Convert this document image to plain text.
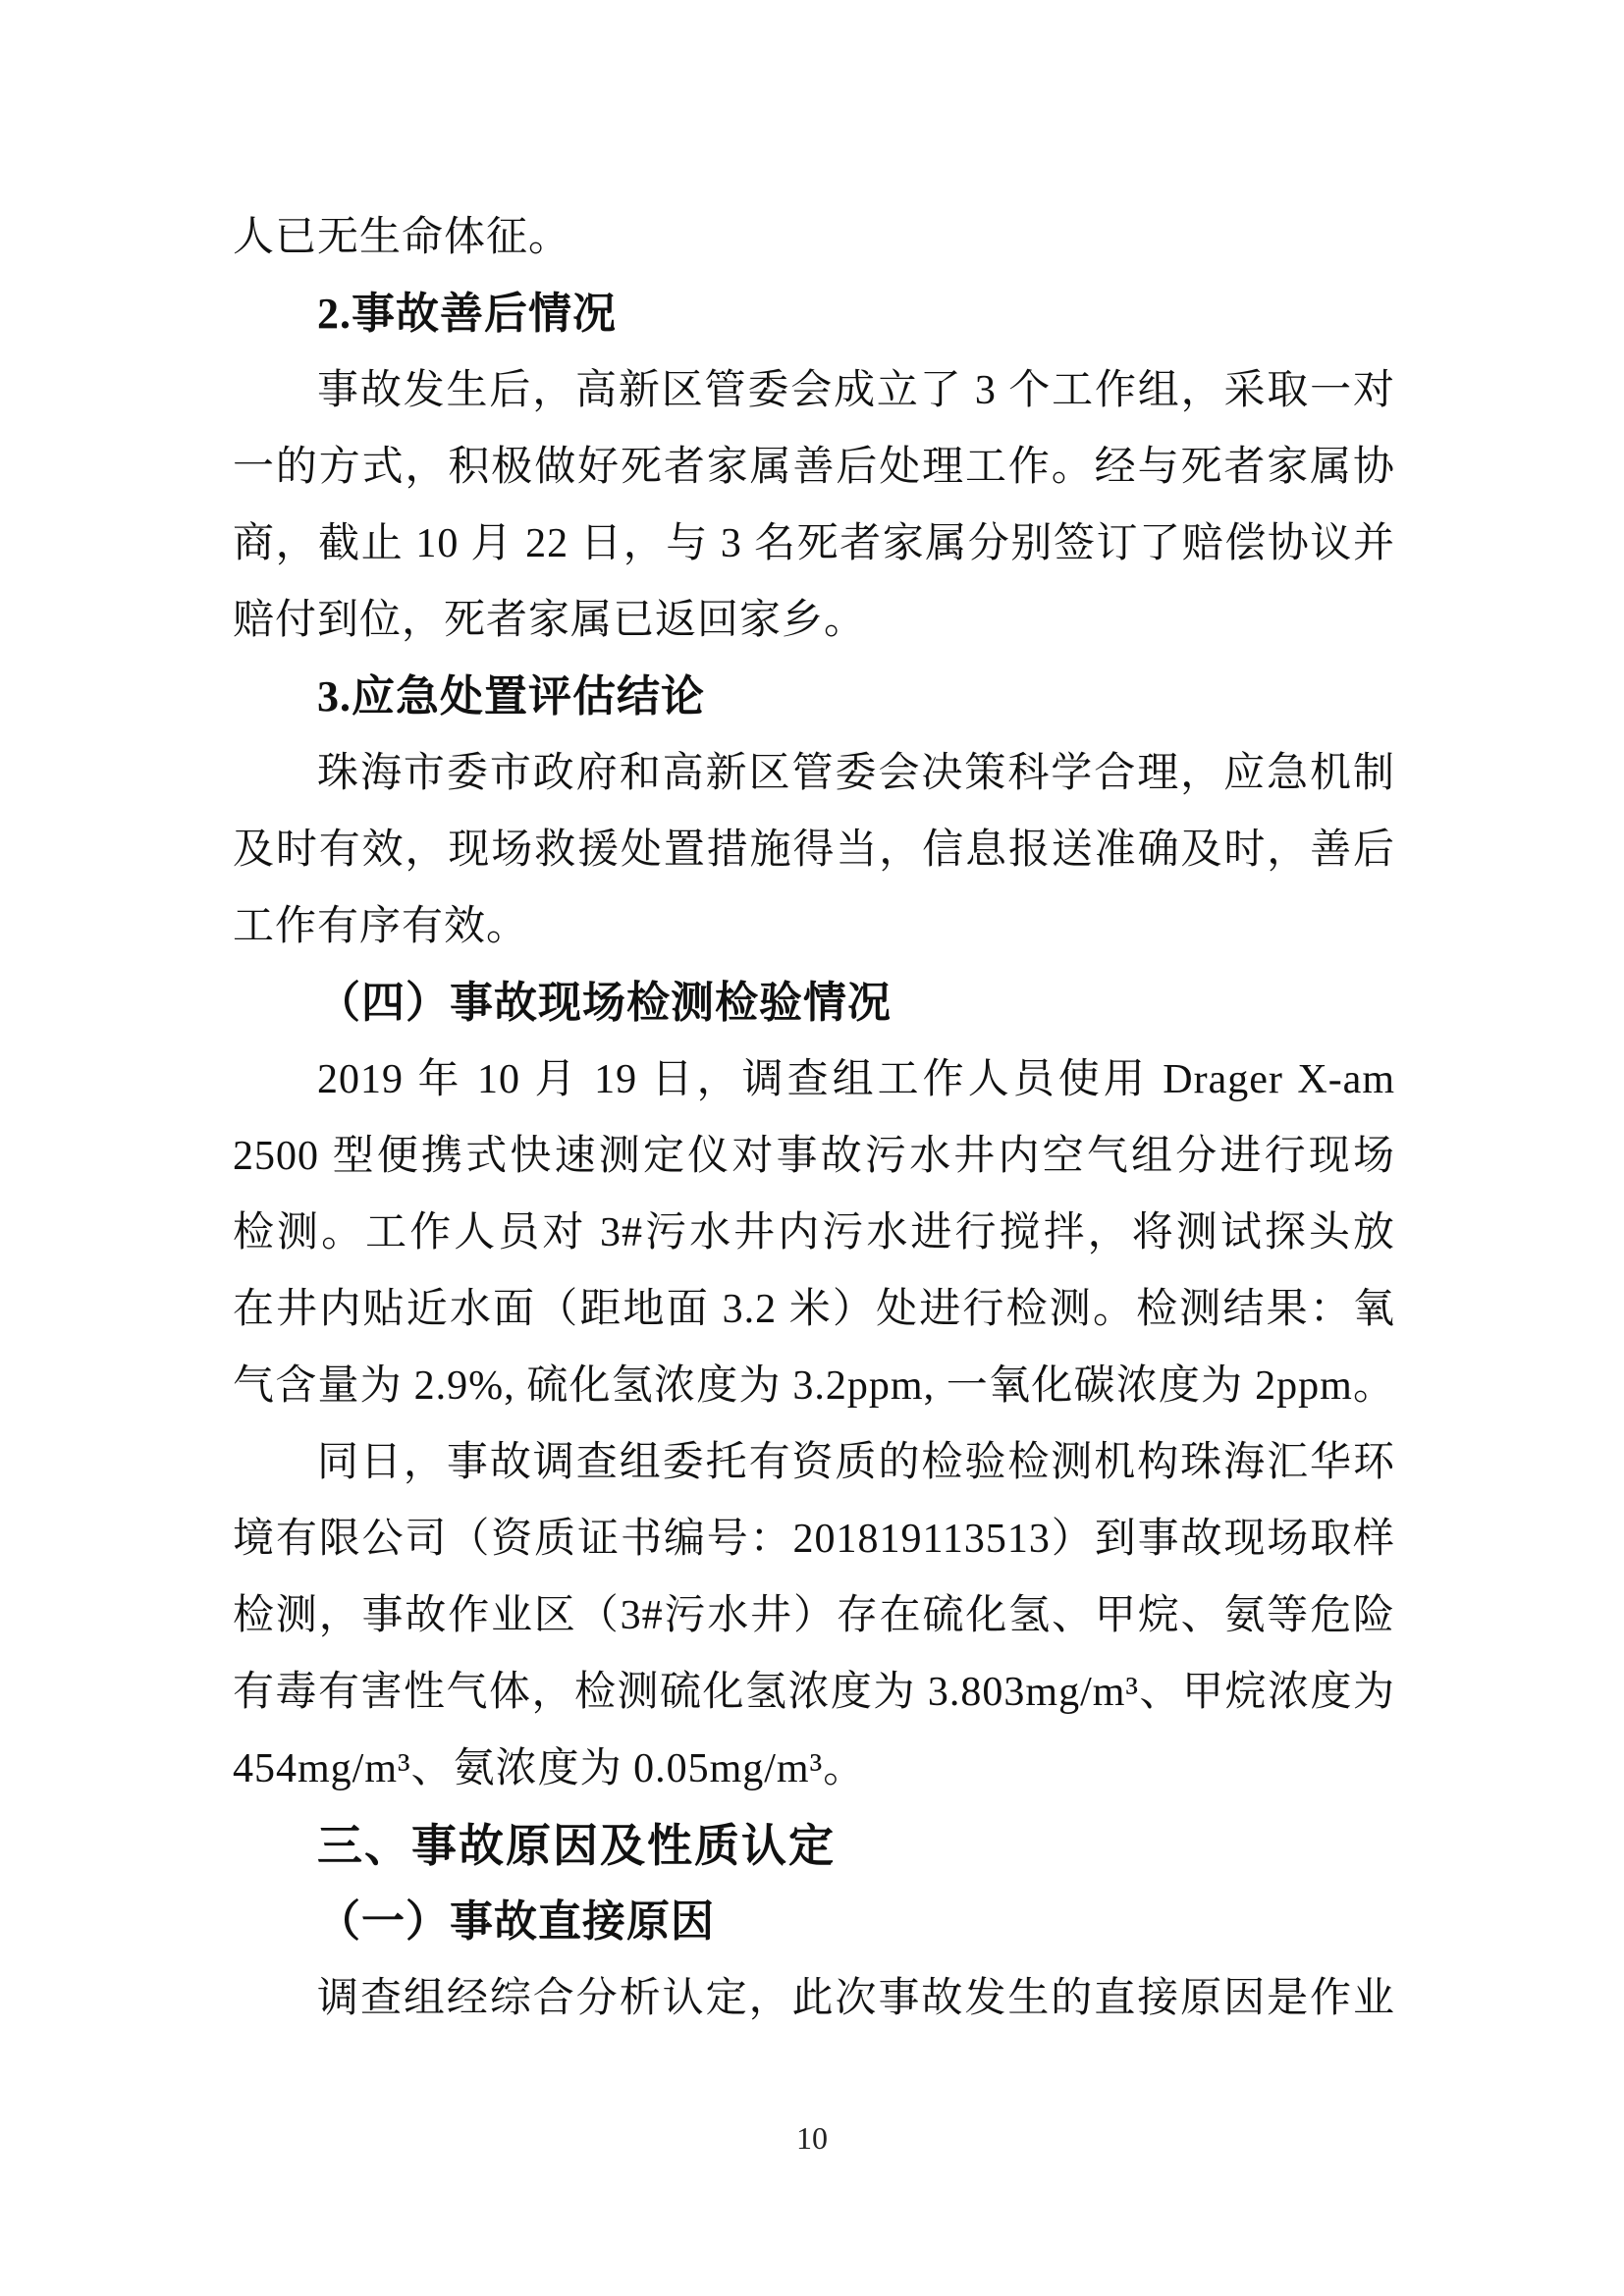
人已无生命体征。
2.事故善后情况
事故发生后，高新区管委会成立了 3 个工作组，采取一对
一的方式，积极做好死者家属善后处理工作。经与死者家属协
商，截止 10 月 22 日，与 3 名死者家属分别签订了赔偿协议并
赔付到位，死者家属已返回家乡。
3.应急处置评估结论
珠海市委市政府和高新区管委会决策科学合理，应急机制
及时有效，现场救援处置措施得当，信息报送准确及时，善后
工作有序有效。
（四）事故现场检测检验情况
2019 年 10 月 19 日，调查组工作人员使用 Drager X-am
2500 型便携式快速测定仪对事故污水井内空气组分进行现场
检测。工作人员对 3#污水井内污水进行搅拌，将测试探头放
在井内贴近水面（距地面 3.2 米）处进行检测。检测结果：氧
气含量为 2.9%, 硫化氢浓度为 3.2ppm, 一氧化碳浓度为 2ppm。
同日，事故调查组委托有资质的检验检测机构珠海汇华环
境有限公司（资质证书编号：201819113513）到事故现场取样
检测，事故作业区（3#污水井）存在硫化氢、甲烷、氨等危险
有毒有害性气体，检测硫化氢浓度为 3.803mg/m³、甲烷浓度为
454mg/m³、氨浓度为 0.05mg/m³。
三、事故原因及性质认定
（一）事故直接原因
调查组经综合分析认定，此次事故发生的直接原因是作业
10
